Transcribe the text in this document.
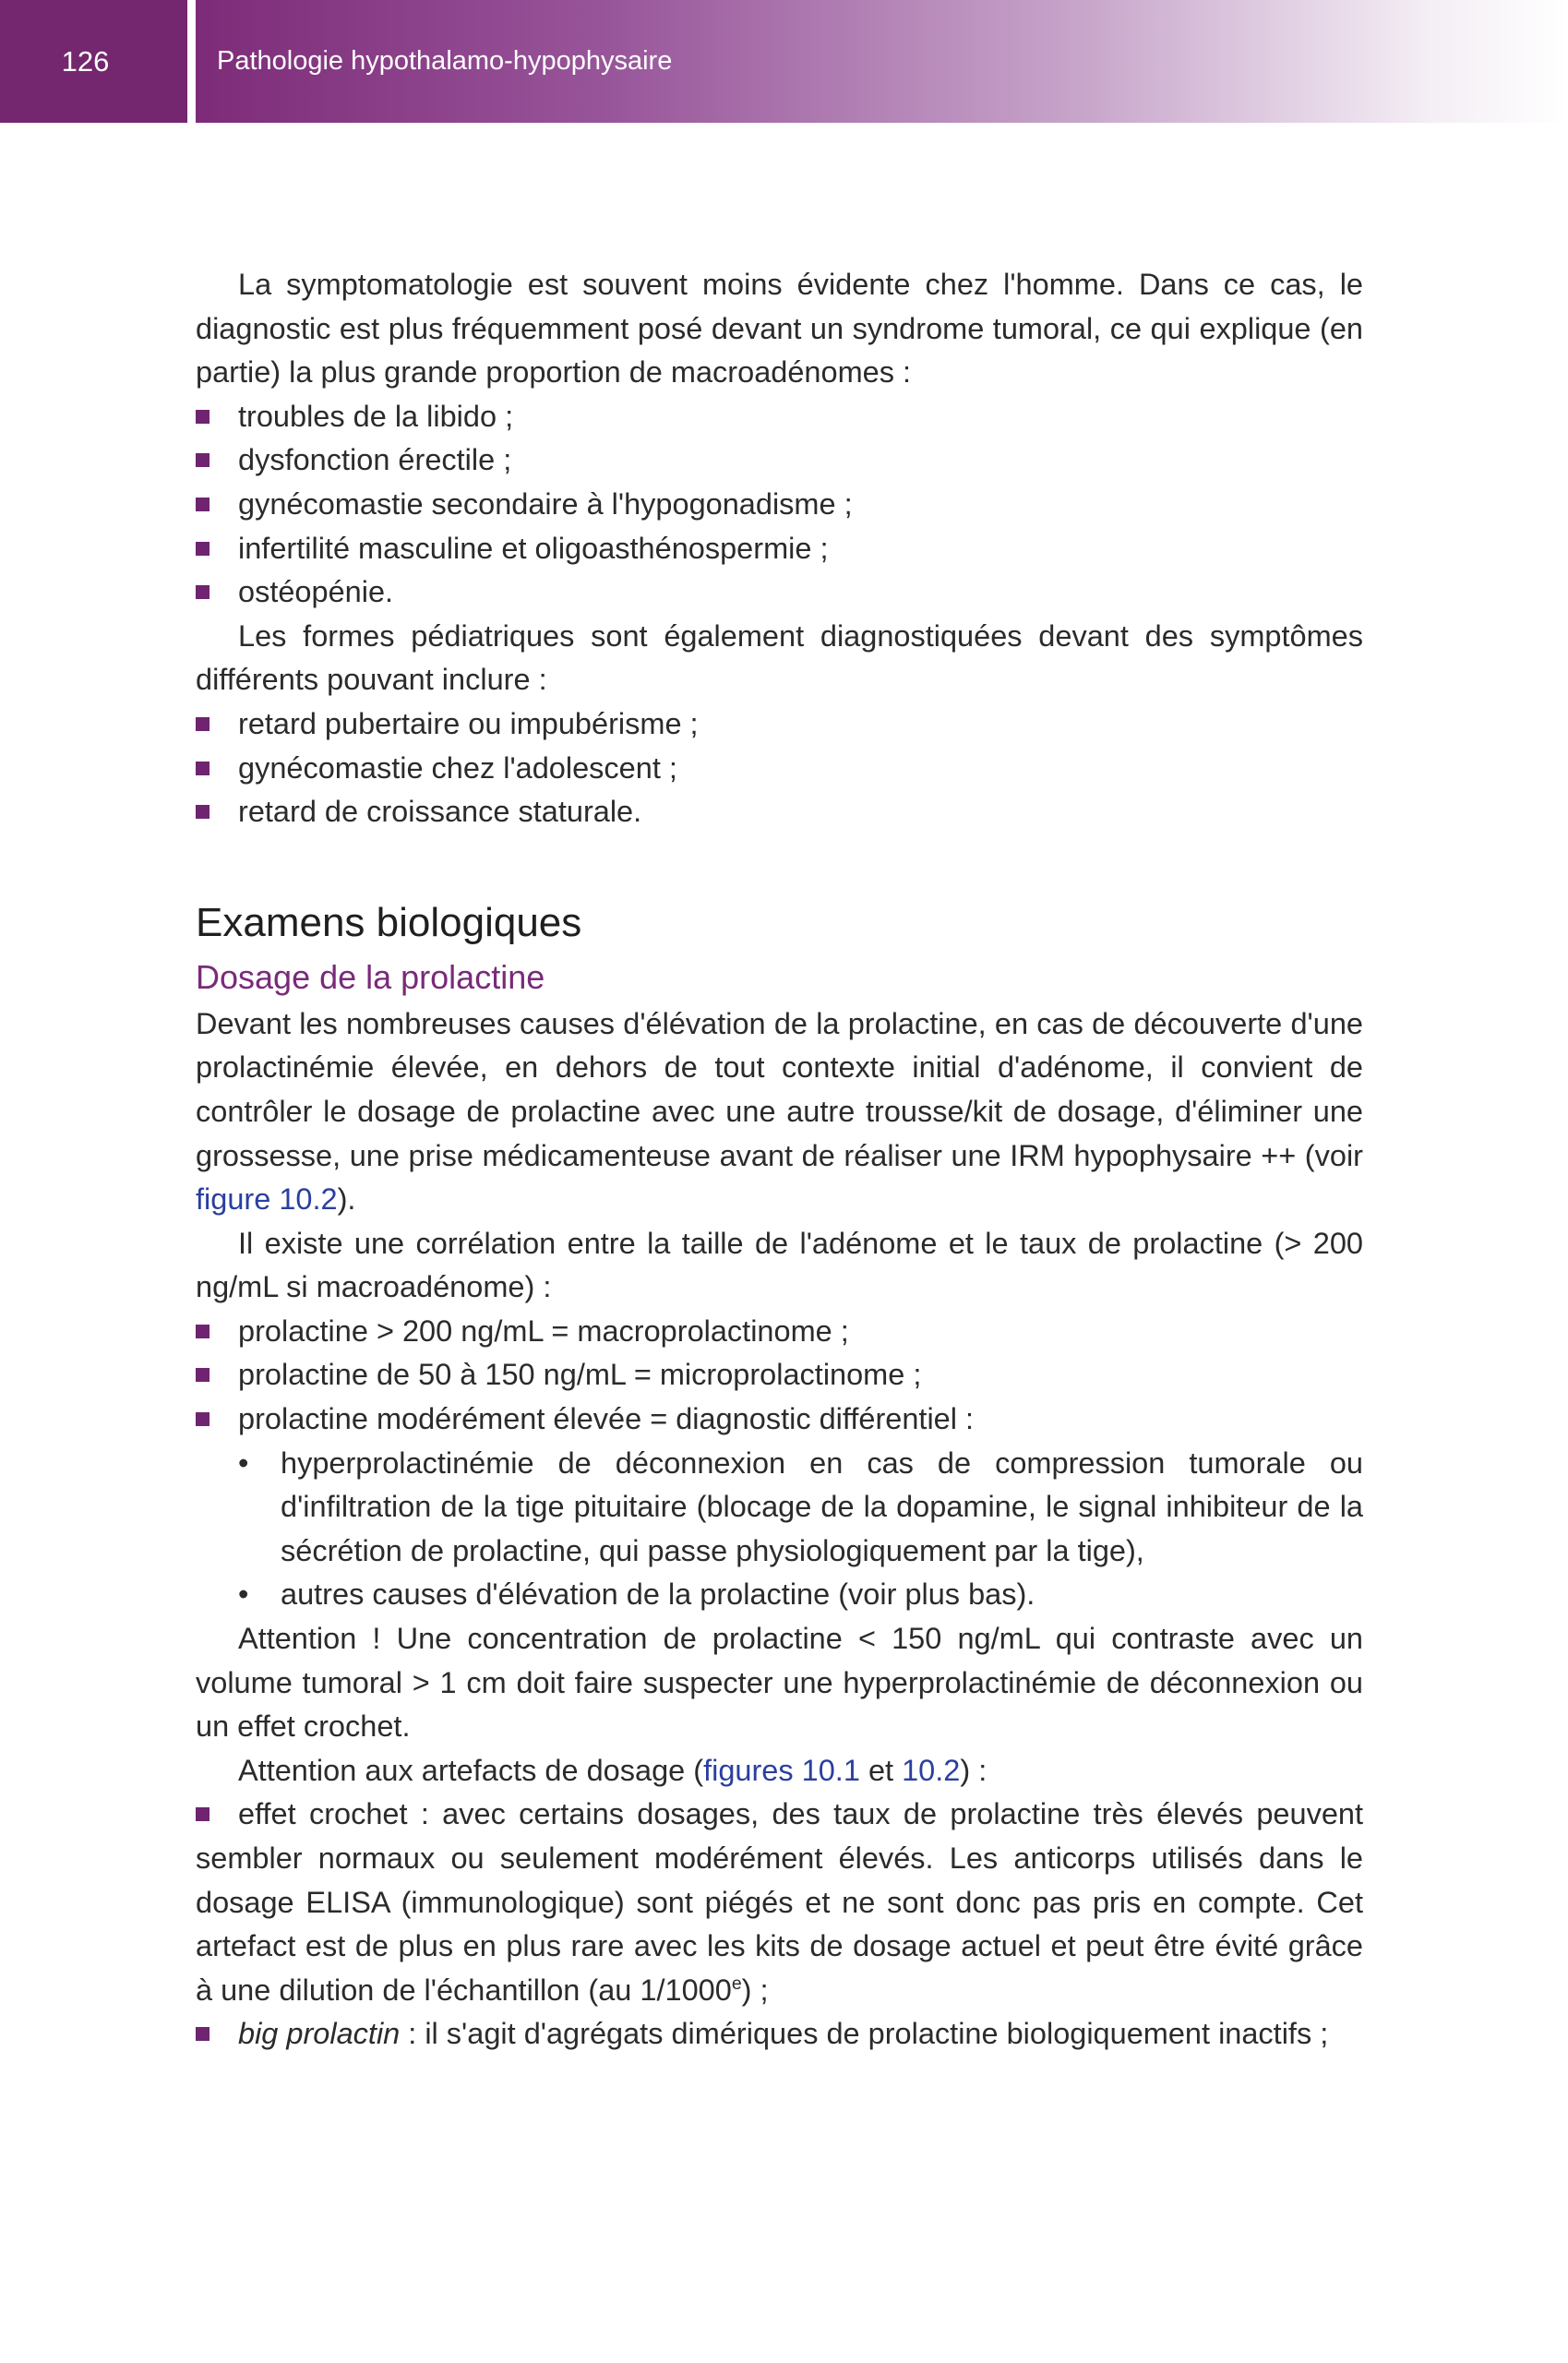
126	Pathologie hypothalamo-hypophysaire

La symptomatologie est souvent moins évidente chez l'homme. Dans ce cas, le diagnostic est plus fréquemment posé devant un syndrome tumoral, ce qui explique (en partie) la plus grande proportion de macroadénomes :

troubles de la libido ;
dysfonction érectile ;
gynécomastie secondaire à l'hypogonadisme ;
infertilité masculine et oligoasthénospermie ;
ostéopénie.

Les formes pédiatriques sont également diagnostiquées devant des symptômes différents pouvant inclure :

retard pubertaire ou impubérisme ;
gynécomastie chez l'adolescent ;
retard de croissance staturale.
Examens biologiques
Dosage de la prolactine

Devant les nombreuses causes d'élévation de la prolactine, en cas de découverte d'une prolactinémie élevée, en dehors de tout contexte initial d'adénome, il convient de contrôler le dosage de prolactine avec une autre trousse/kit de dosage, d'éliminer une grossesse, une prise médicamenteuse avant de réaliser une IRM hypophysaire ++ (voir figure 10.2).

Il existe une corrélation entre la taille de l'adénome et le taux de prolactine (> 200 ng/mL si macroadénome) :

prolactine > 200 ng/mL = macroprolactinome ;
prolactine de 50 à 150 ng/mL = microprolactinome ;
prolactine modérément élevée = diagnostic différentiel :
• hyperprolactinémie de déconnexion en cas de compression tumorale ou d'infiltration de la tige pituitaire (blocage de la dopamine, le signal inhibiteur de la sécrétion de prolactine, qui passe physiologiquement par la tige),
• autres causes d'élévation de la prolactine (voir plus bas).

Attention ! Une concentration de prolactine < 150 ng/mL qui contraste avec un volume tumoral > 1 cm doit faire suspecter une hyperprolactinémie de déconnexion ou un effet crochet.

Attention aux artefacts de dosage (figures 10.1 et 10.2) :

effet crochet : avec certains dosages, des taux de prolactine très élevés peuvent sembler normaux ou seulement modérément élevés. Les anticorps utilisés dans le dosage ELISA (immunologique) sont piégés et ne sont donc pas pris en compte. Cet artefact est de plus en plus rare avec les kits de dosage actuel et peut être évité grâce à une dilution de l'échantillon (au 1/1000e) ;
big prolactin : il s'agit d'agrégats dimériques de prolactine biologiquement inactifs ;
